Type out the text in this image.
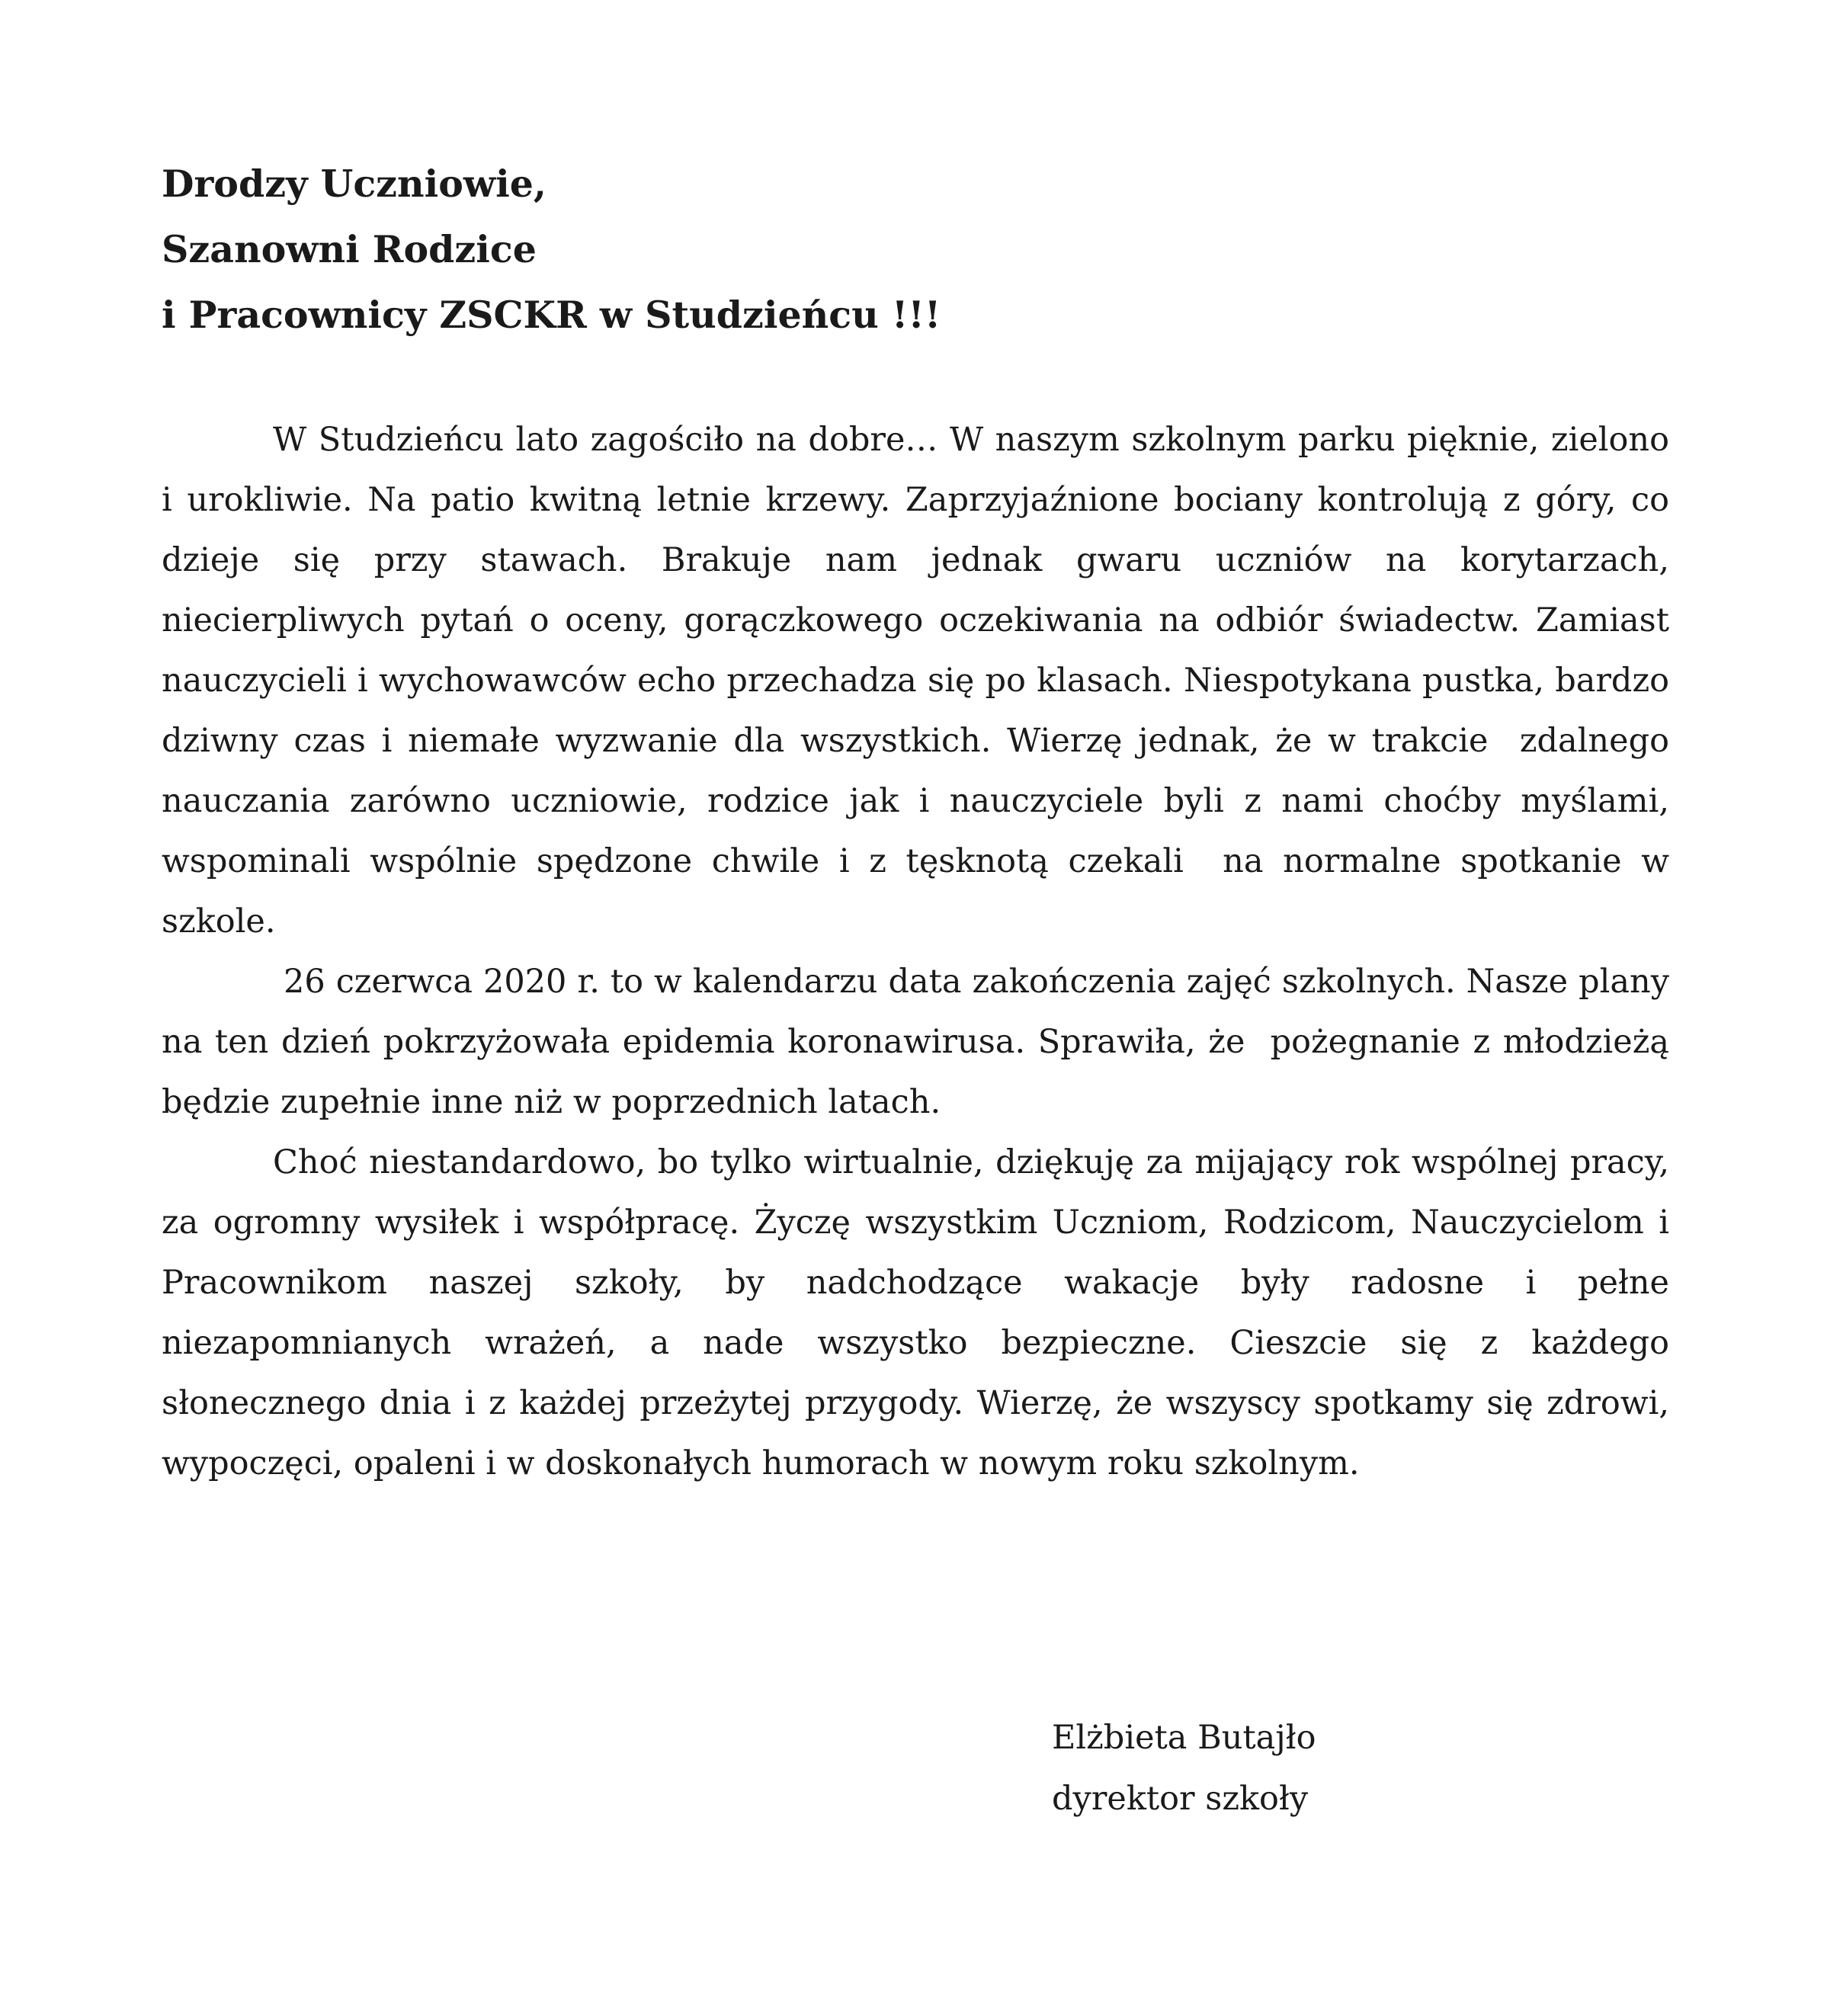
Drodzy Uczniowie,
Szanowni Rodzice
i Pracownicy ZSCKR w Studzieńcu !!!

W Studzieńcu lato zagościło na dobre… W naszym szkolnym parku pięknie, zielono i urokliwie. Na patio kwitną letnie krzewy. Zaprzyjaźnione bociany kontrolują z góry, co dzieje się przy stawach. Brakuje nam jednak gwaru uczniów na korytarzach, niecierpliwych pytań o oceny, gorączkowego oczekiwania na odbiór świadectw. Zamiast nauczycieli i wychowawców echo przechadza się po klasach. Niespotykana pustka, bardzo dziwny czas i niemałe wyzwanie dla wszystkich. Wierzę jednak, że w trakcie  zdalnego nauczania zarówno uczniowie, rodzice jak i nauczyciele byli z nami choćby myślami, wspominali wspólnie spędzone chwile i z tęsknotą czekali  na normalne spotkanie w szkole.

26 czerwca 2020 r. to w kalendarzu data zakończenia zajęć szkolnych. Nasze plany na ten dzień pokrzyżowała epidemia koronawirusa. Sprawiła, że  pożegnanie z młodzieżą będzie zupełnie inne niż w poprzednich latach.

Choć niestandardowo, bo tylko wirtualnie, dziękuję za mijający rok wspólnej pracy, za ogromny wysiłek i współpracę. Życzę wszystkim Uczniom, Rodzicom, Nauczycielom i Pracownikom naszej szkoły, by nadchodzące wakacje były radosne i pełne niezapomnianych wrażeń, a nade wszystko bezpieczne. Cieszcie się z każdego słonecznego dnia i z każdej przeżytej przygody. Wierzę, że wszyscy spotkamy się zdrowi, wypoczęci, opaleni i w doskonałych humorach w nowym roku szkolnym.

Elżbieta Butajło
dyrektor szkoły
